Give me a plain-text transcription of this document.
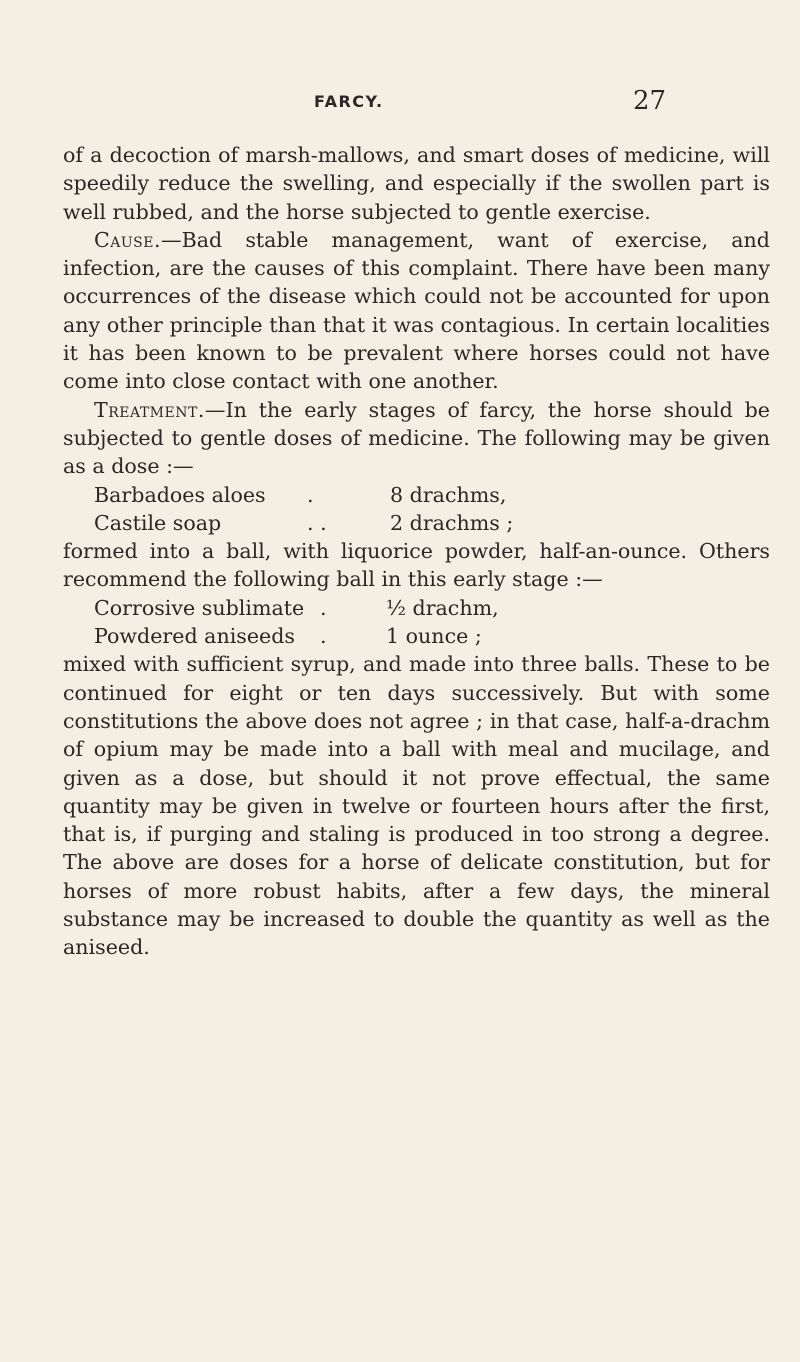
FARCY.	27

of a decoction of marsh-mallows, and smart doses of medicine, will speedily reduce the swelling, and especially if the swollen part is well rubbed, and the horse subjected to gentle exercise.

Cause.—Bad stable management, want of exercise, and infection, are the causes of this complaint. There have been many occurrences of the disease which could not be accounted for upon any other principle than that it was contagious. In certain localities it has been known to be prevalent where horses could not have come into close contact with one another.

Treatment.—In the early stages of farcy, the horse should be subjected to gentle doses of medicine. The following may be given as a dose :—

Barbadoes aloes .	8 drachms,
Castile soap	. .	2 drachms ;

formed into a ball, with liquorice powder, half-an-ounce. Others recommend the following ball in this early stage :—

Corrosive sublimate .	½ drachm,
Powdered aniseeds .	1 ounce ;

mixed with sufficient syrup, and made into three balls. These to be continued for eight or ten days successively. But with some constitutions the above does not agree ; in that case, half-a-drachm of opium may be made into a ball with meal and mucilage, and given as a dose, but should it not prove effectual, the same quantity may be given in twelve or fourteen hours after the first, that is, if purging and staling is produced in too strong a degree. The above are doses for a horse of delicate constitution, but for horses of more robust habits, after a few days, the mineral substance may be increased to double the quantity as well as the aniseed.
